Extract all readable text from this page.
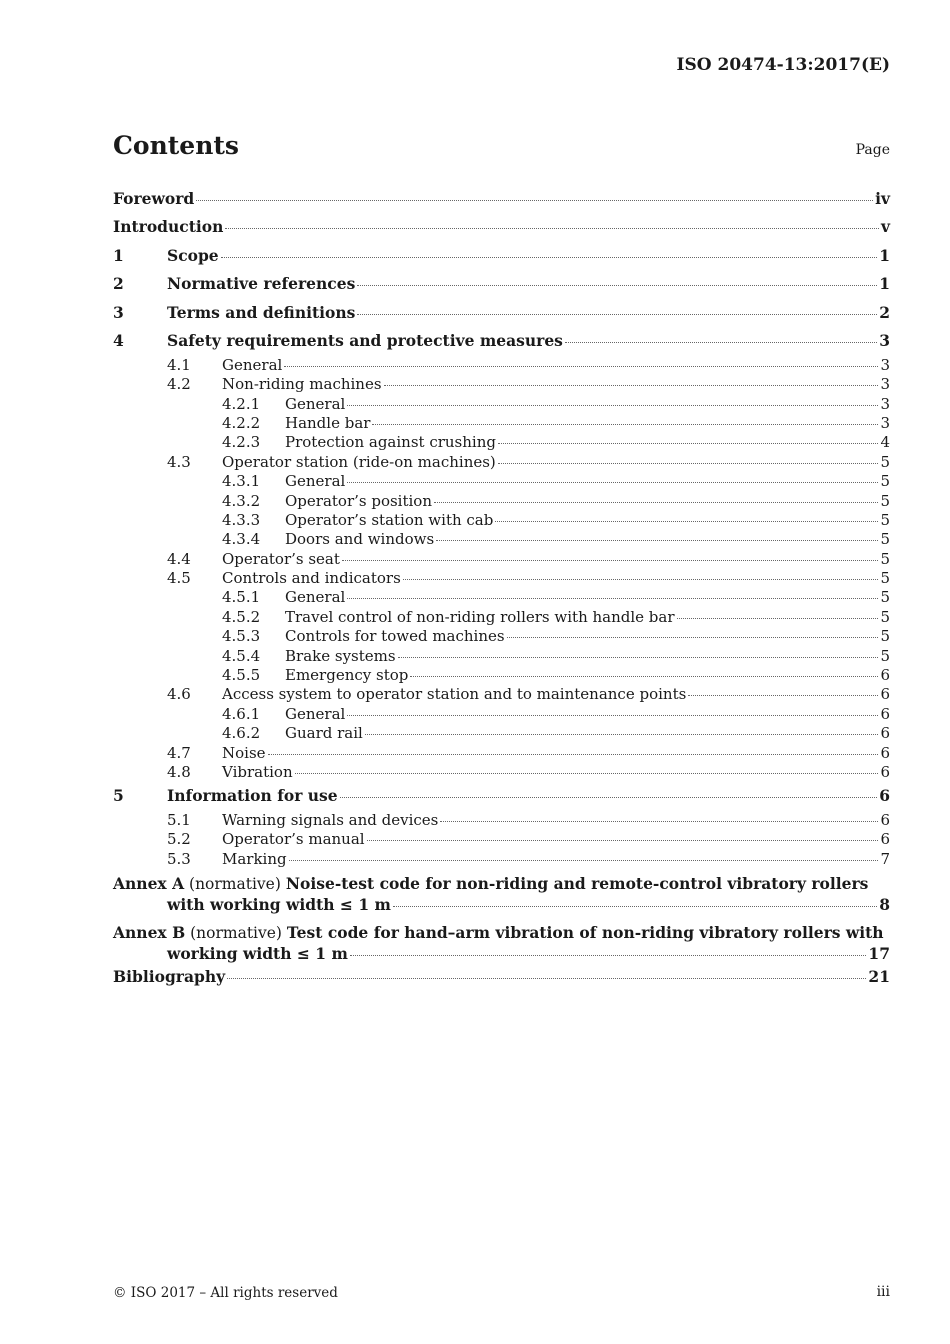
ISO 20474-13:2017(E)
Contents	Page
Foreword	iv
Introduction	v
1	Scope	1
2	Normative references	1
3	Terms and definitions	2
4	Safety requirements and protective measures	3
4.1	General	3
4.2	Non-riding machines	3
4.2.1	General	3
4.2.2	Handle bar	3
4.2.3	Protection against crushing	4
4.3	Operator station (ride-on machines)	5
4.3.1	General	5
4.3.2	Operator’s position	5
4.3.3	Operator’s station with cab	5
4.3.4	Doors and windows	5
4.4	Operator’s seat	5
4.5	Controls and indicators	5
4.5.1	General	5
4.5.2	Travel control of non-riding rollers with handle bar	5
4.5.3	Controls for towed machines	5
4.5.4	Brake systems	5
4.5.5	Emergency stop	6
4.6	Access system to operator station and to maintenance points	6
4.6.1	General	6
4.6.2	Guard rail	6
4.7	Noise	6
4.8	Vibration	6
5	Information for use	6
5.1	Warning signals and devices	6
5.2	Operator’s manual	6
5.3	Marking	7
Annex A (normative) Noise-test code for non-riding and remote-control vibratory rollers
with working width ≤ 1 m	8
Annex B (normative) Test code for hand–arm vibration of non-riding vibratory rollers with
working width ≤ 1 m	17
Bibliography	21
© ISO 2017 – All rights reserved	iii
